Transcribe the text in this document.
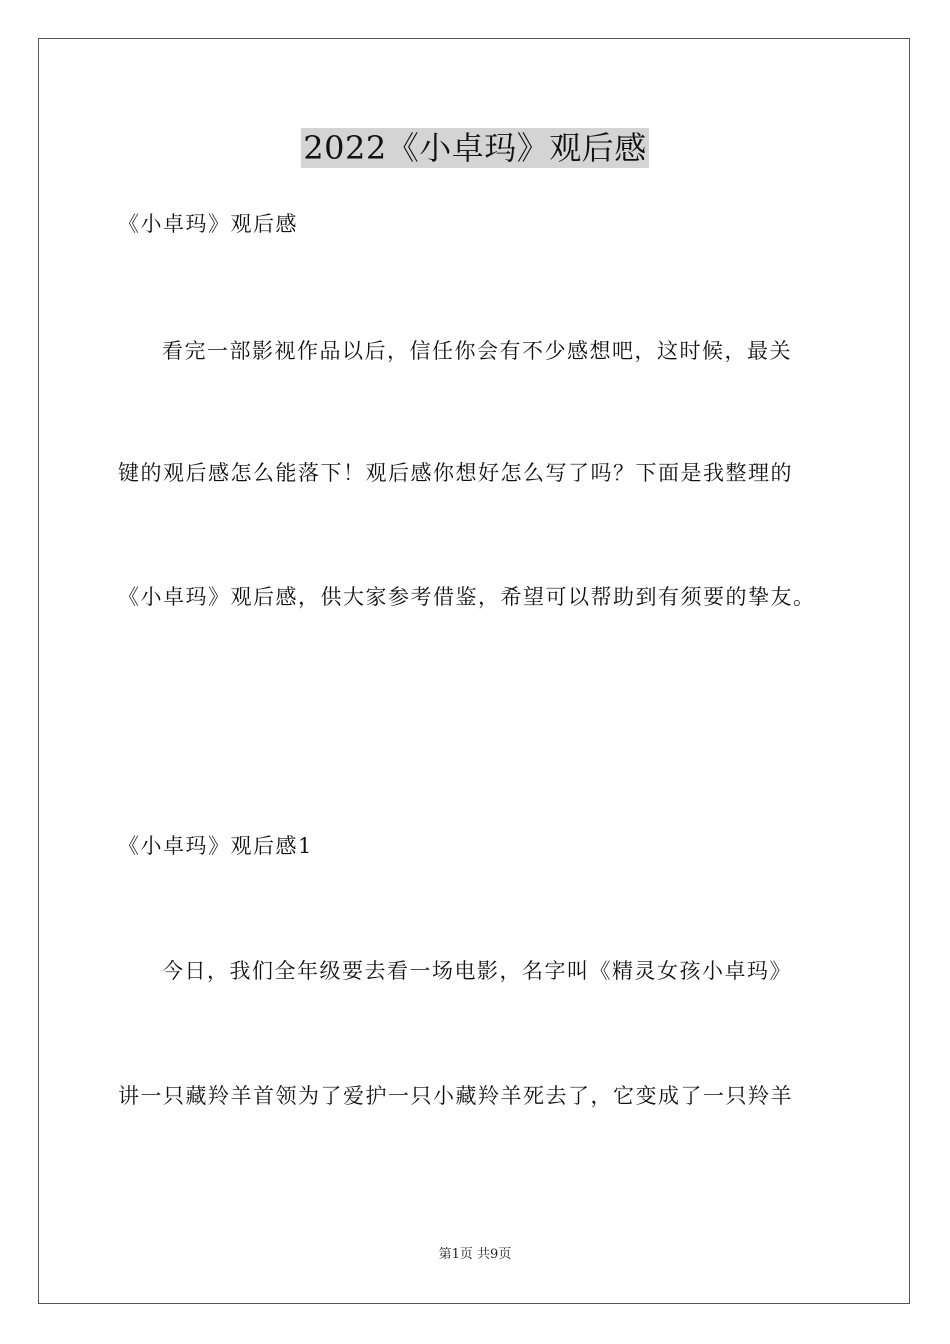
2022《小卓玛》观后感
《小卓玛》观后感
看完一部影视作品以后，信任你会有不少感想吧，这时候，最关
键的观后感怎么能落下！观后感你想好怎么写了吗？下面是我整理的
《小卓玛》观后感，供大家参考借鉴，希望可以帮助到有须要的挚友。
《小卓玛》观后感1
今日，我们全年级要去看一场电影，名字叫《精灵女孩小卓玛》
讲一只藏羚羊首领为了爱护一只小藏羚羊死去了，它变成了一只羚羊
第1页 共9页
